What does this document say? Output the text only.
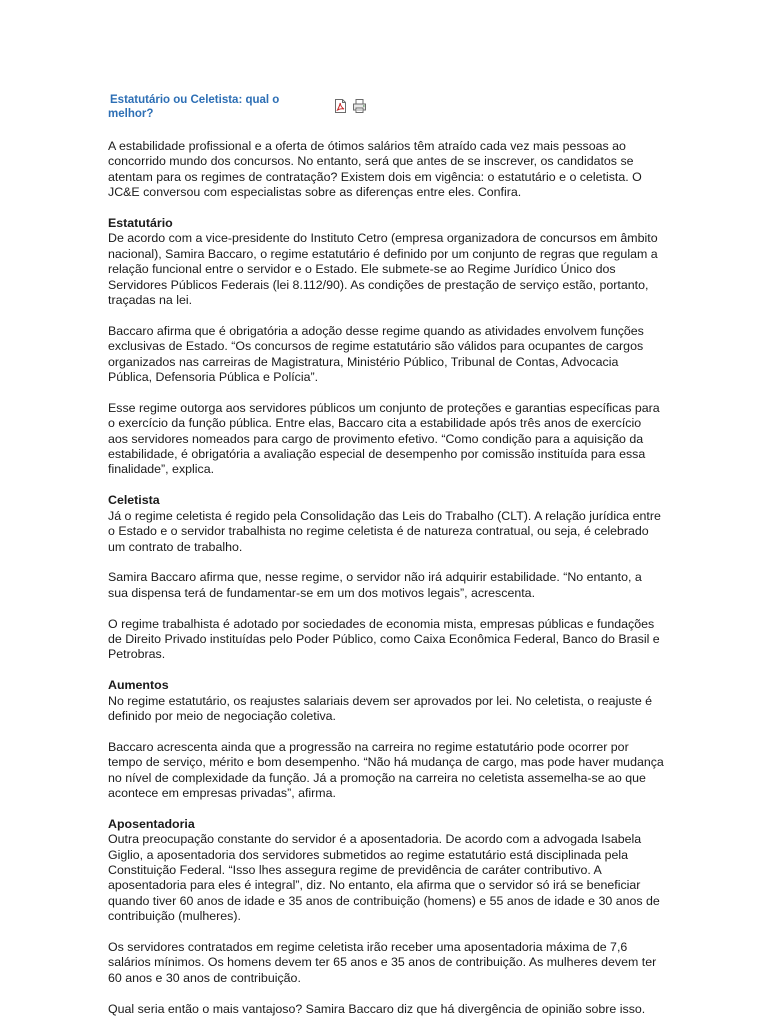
Estatutário ou Celetista: qual o melhor?

A estabilidade profissional e a oferta de ótimos salários têm atraído cada vez mais pessoas ao concorrido mundo dos concursos. No entanto, será que antes de se inscrever, os candidatos se atentam para os regimes de contratação? Existem dois em vigência: o estatutário e o celetista. O JC&E conversou com especialistas sobre as diferenças entre eles. Confira.

Estatutário

De acordo com a vice-presidente do Instituto Cetro (empresa organizadora de concursos em âmbito nacional), Samira Baccaro, o regime estatutário é definido por um conjunto de regras que regulam a relação funcional entre o servidor e o Estado. Ele submete-se ao Regime Jurídico Único dos Servidores Públicos Federais (lei 8.112/90). As condições de prestação de serviço estão, portanto, traçadas na lei.

Baccaro afirma que é obrigatória a adoção desse regime quando as atividades envolvem funções exclusivas de Estado. “Os concursos de regime estatutário são válidos para ocupantes de cargos organizados nas carreiras de Magistratura, Ministério Público, Tribunal de Contas, Advocacia Pública, Defensoria Pública e Polícia”.

Esse regime outorga aos servidores públicos um conjunto de proteções e garantias específicas para o exercício da função pública. Entre elas, Baccaro cita a estabilidade após três anos de exercício aos servidores nomeados para cargo de provimento efetivo. “Como condição para a aquisição da estabilidade, é obrigatória a avaliação especial de desempenho por comissão instituída para essa finalidade”, explica.

Celetista

Já o regime celetista é regido pela Consolidação das Leis do Trabalho (CLT). A relação jurídica entre o Estado e o servidor trabalhista no regime celetista é de natureza contratual, ou seja, é celebrado um contrato de trabalho.

Samira Baccaro afirma que, nesse regime, o servidor não irá adquirir estabilidade. “No entanto, a sua dispensa terá de fundamentar-se em um dos motivos legais”, acrescenta.

O regime trabalhista é adotado por sociedades de economia mista, empresas públicas e fundações de Direito Privado instituídas pelo Poder Público, como Caixa Econômica Federal, Banco do Brasil e Petrobras.

Aumentos

No regime estatutário, os reajustes salariais devem ser aprovados por lei. No celetista, o reajuste é definido por meio de negociação coletiva.

Baccaro acrescenta ainda que a progressão na carreira no regime estatutário pode ocorrer por tempo de serviço, mérito e bom desempenho. “Não há mudança de cargo, mas pode haver mudança no nível de complexidade da função. Já a promoção na carreira no celetista assemelha-se ao que acontece em empresas privadas”, afirma.

Aposentadoria

Outra preocupação constante do servidor é a aposentadoria. De acordo com a advogada Isabela Giglio, a aposentadoria dos servidores submetidos ao regime estatutário está disciplinada pela Constituição Federal. “Isso lhes assegura regime de previdência de caráter contributivo. A aposentadoria para eles é integral”, diz. No entanto, ela afirma que o servidor só irá se beneficiar quando tiver 60 anos de idade e 35 anos de contribuição (homens) e 55 anos de idade e 30 anos de contribuição (mulheres).

Os servidores contratados em regime celetista irão receber uma aposentadoria máxima de 7,6 salários mínimos. Os homens devem ter 65 anos e 35 anos de contribuição. As mulheres devem ter 60 anos e 30 anos de contribuição.

Qual seria então o mais vantajoso? Samira Baccaro diz que há divergência de opinião sobre isso.
